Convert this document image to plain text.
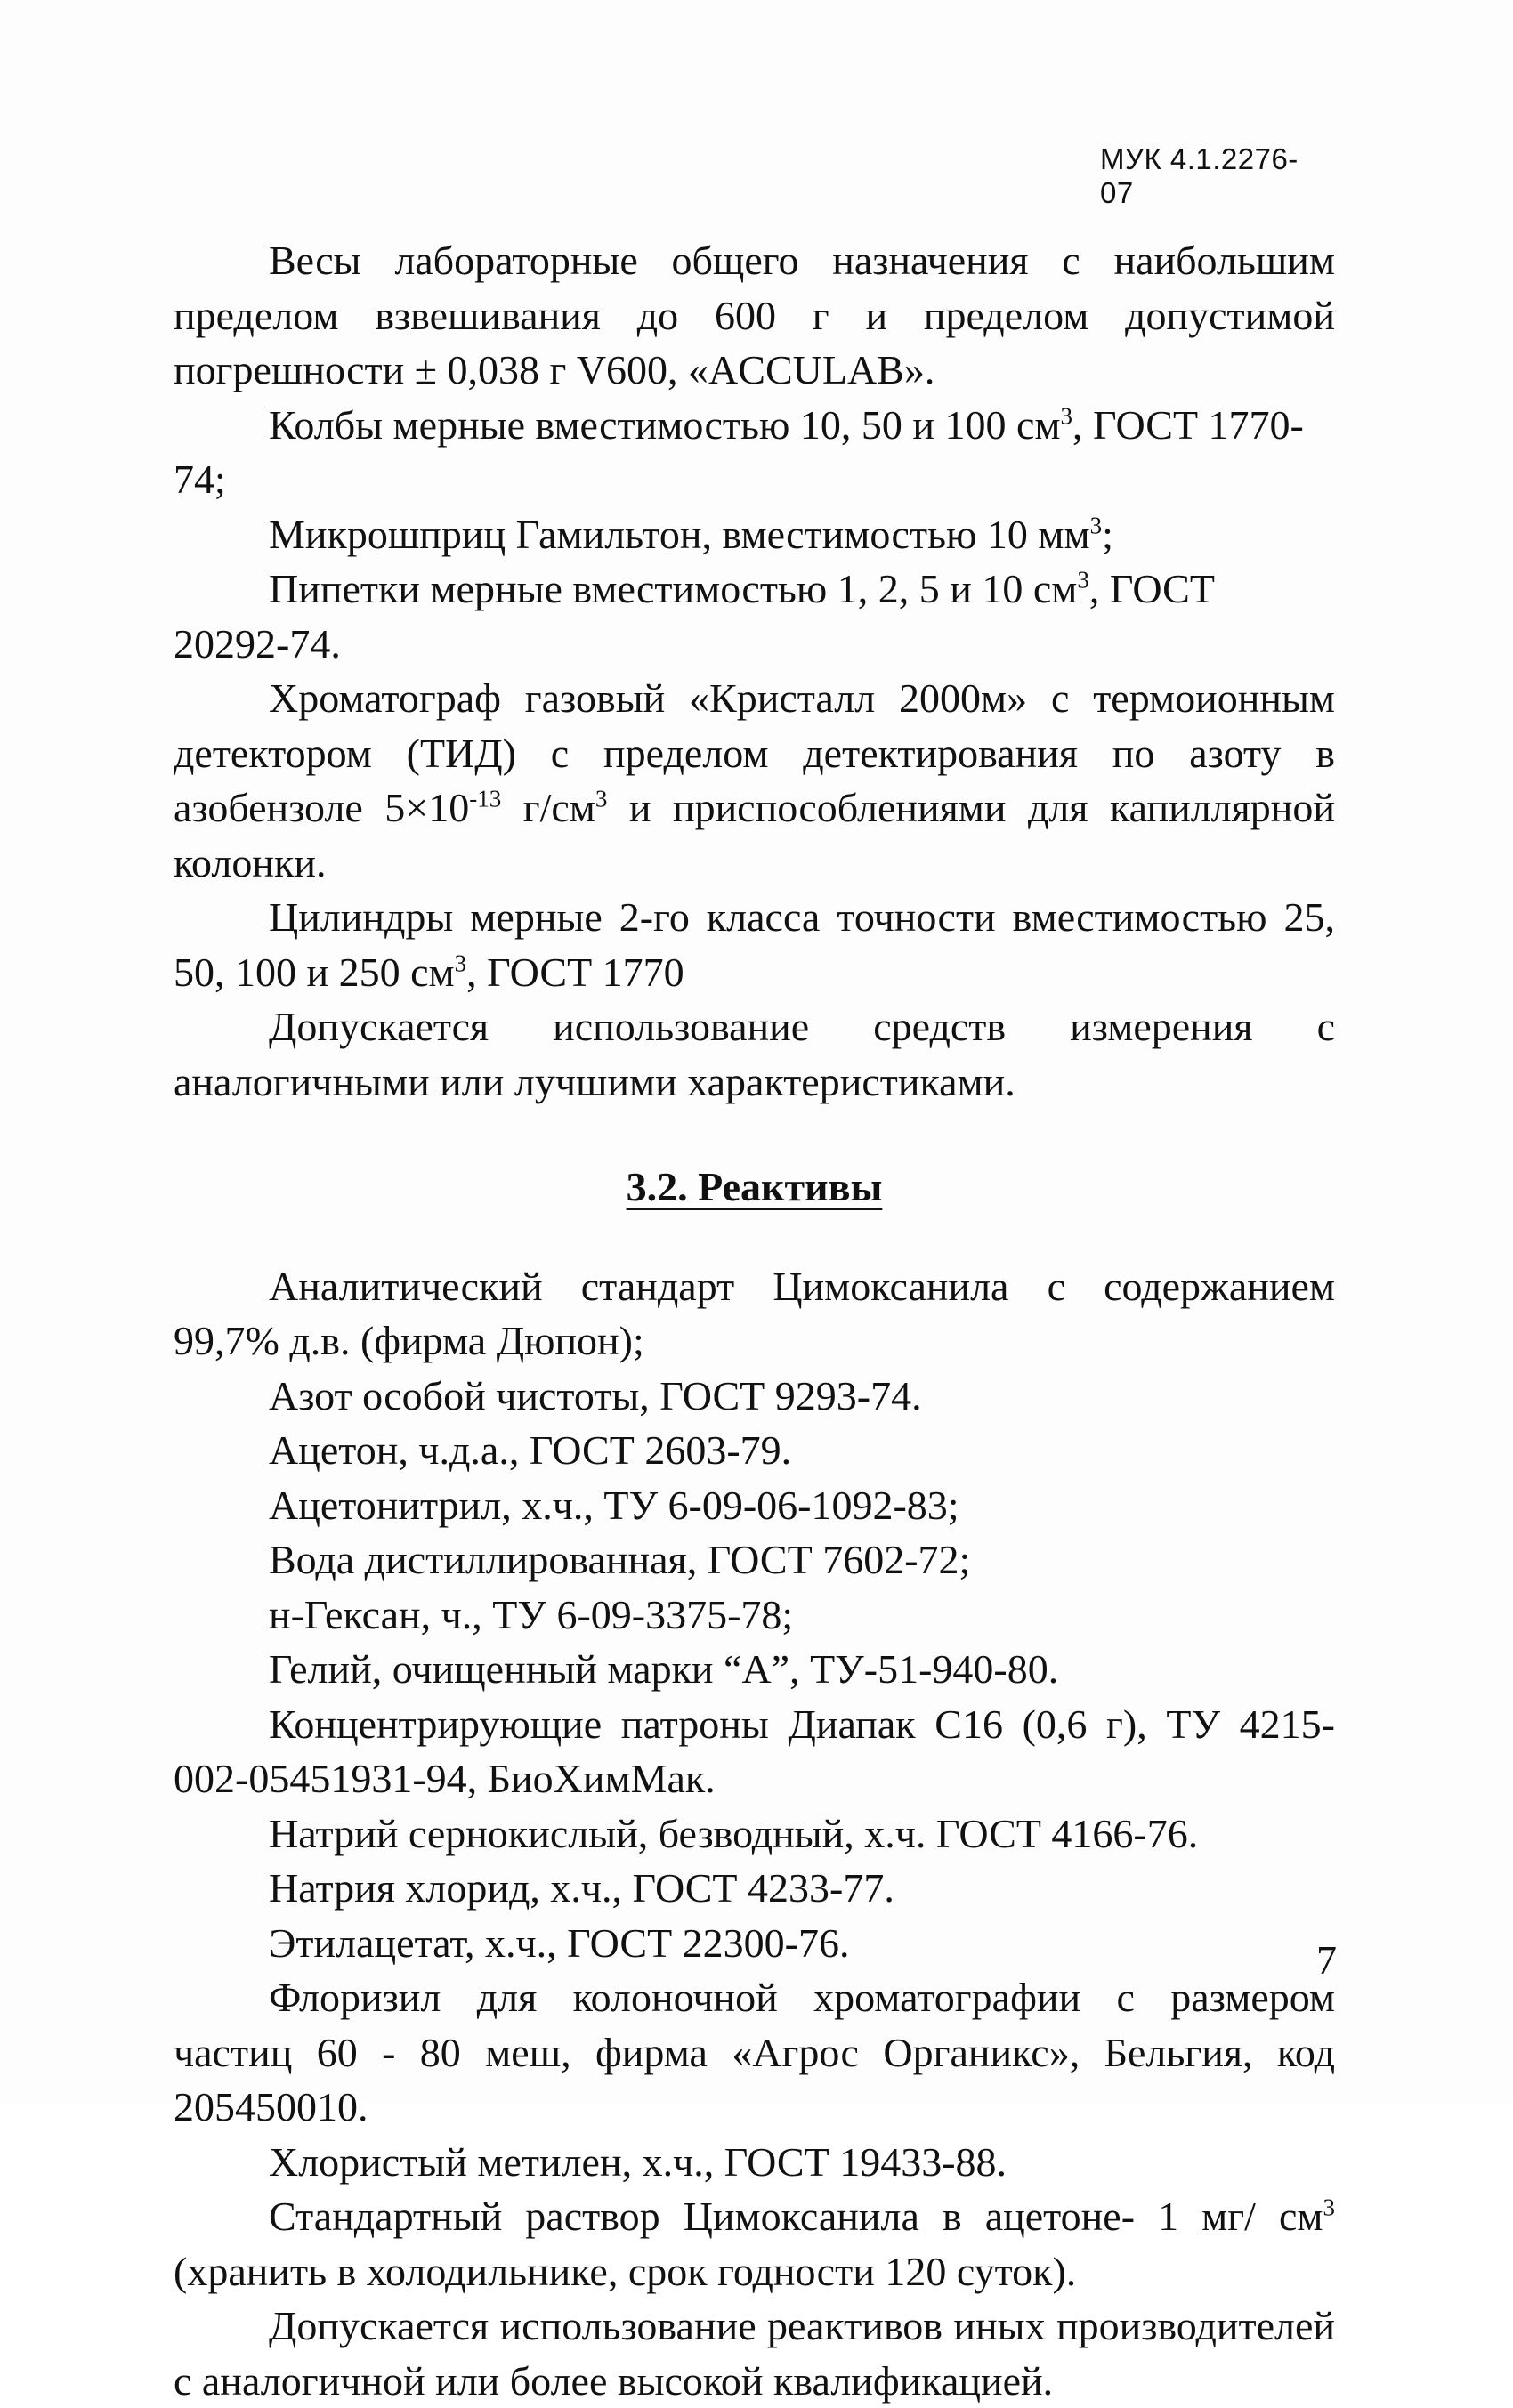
МУК 4.1.2276-07

Весы лабораторные общего назначения с наибольшим пределом взвешивания до 600 г и пределом допустимой погрешности ± 0,038 г V600, «ACCULAB».

Колбы мерные вместимостью 10, 50 и 100 $см^3$, ГОСТ 1770-74;

Микрошприц Гамильтон, вместимостью 10 $мм^3$;

Пипетки мерные вместимостью 1, 2, 5 и 10 $см^3$, ГОСТ 20292-74.

Хроматограф газовый «Кристалл 2000м» с термоионным детектором (ТИД) с пределом детектирования по азоту в азобензоле $5\times 10^{-13}$ $г/см^3$ и приспособлениями для капиллярной колонки.

Цилиндры мерные 2-го класса точности вместимостью 25, 50, 100 и 250 $см^3$, ГОСТ 1770

Допускается использование средств измерения с аналогичными или лучшими характеристиками.

3.2. Реактивы

Аналитический стандарт Цимоксанила с содержанием 99,7% д.в. (фирма Дюпон);

Азот особой чистоты, ГОСТ 9293-74.

Ацетон, ч.д.а., ГОСТ 2603-79.

Ацетонитрил, х.ч., ТУ 6-09-06-1092-83;

Вода дистиллированная, ГОСТ 7602-72;

н-Гексан, ч., ТУ 6-09-3375-78;

Гелий, очищенный марки “А”, ТУ-51-940-80.

Концентрирующие патроны Диапак С16 (0,6 г), ТУ 4215-002-05451931-94, БиоХимМак.

Натрий сернокислый, безводный, х.ч. ГОСТ 4166-76.

Натрия хлорид, х.ч., ГОСТ 4233-77.

Этилацетат, х.ч., ГОСТ 22300-76.

Флоризил для колоночной хроматографии с размером частиц 60 - 80 меш, фирма «Агрос Органикс», Бельгия, код 205450010.

Хлористый метилен, х.ч., ГОСТ 19433-88.

Стандартный раствор Цимоксанила в ацетоне- 1 мг/ $см^3$ (хранить в холодильнике, срок годности 120 суток).

Допускается использование реактивов иных производителей с аналогичной или более высокой квалификацией.

7
